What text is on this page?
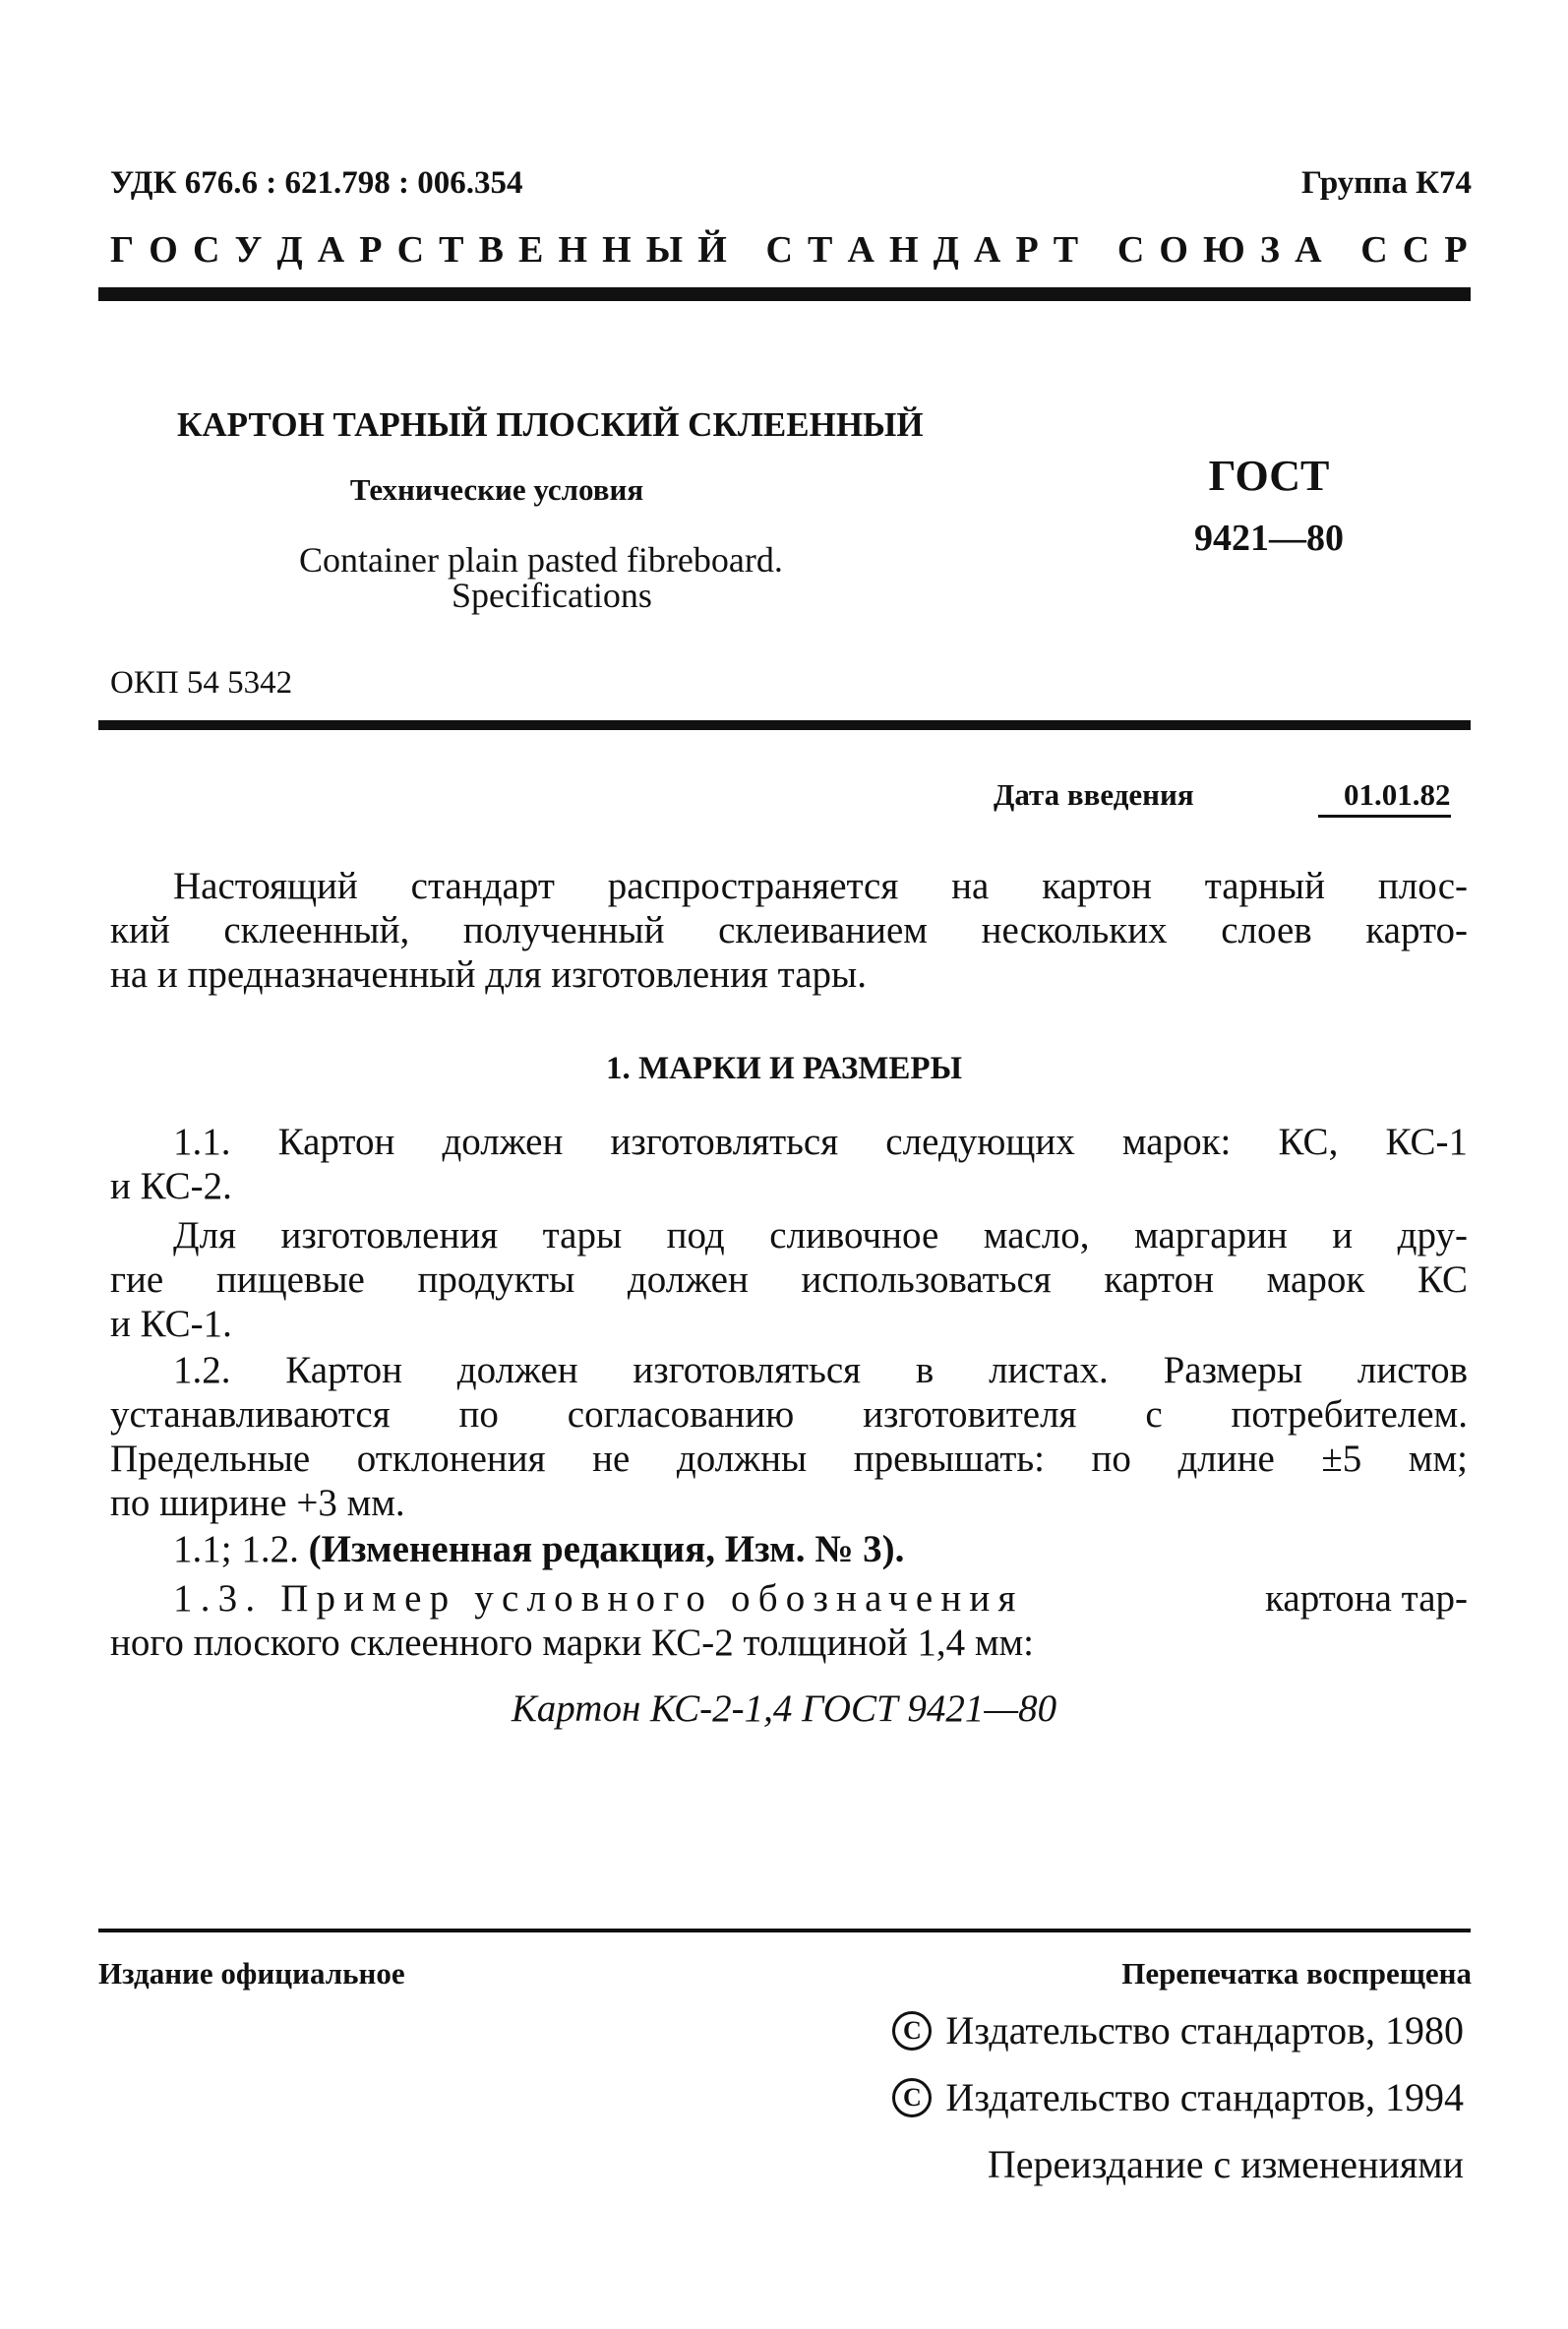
УДК 676.6 : 621.798 : 006.354	Группа К74
Г О С У Д А Р С Т В Е Н Н Ы Й
С Т А Н Д А Р Т
С О Ю З А
С С Р
КАРТОН ТАРНЫЙ ПЛОСКИЙ СКЛЕЕННЫЙ
Технические условия
Container plain pasted fibreboard.
Specifications
ГОСТ
9421—80
ОКП 54 5342
Дата введения	01.01.82
Настоящий стандарт распространяется на картон тарный плос-
кий склеенный, полученный склеиванием нескольких слоев карто-
на и предназначенный для изготовления тары.
1. МАРКИ И РАЗМЕРЫ
1.1. Картон должен изготовляться следующих марок: КС, КС-1
и КС-2.
Для изготовления тары под сливочное масло, маргарин и дру-
гие пищевые продукты должен использоваться картон марок КС
и КС-1.
1.2. Картон должен изготовляться в листах. Размеры листов
устанавливаются по согласованию изготовителя с потребителем.
Предельные отклонения не должны превышать: по длине ±5 мм;
по ширине +3 мм.
1.1; 1.2. (Измененная редакция, Изм. № 3).
1.3. Пример условного обозначения	картона тар-
ного плоского склеенного марки КС-2 толщиной 1,4 мм:
Картон КС-2-1,4 ГОСТ 9421—80
Издание официальное	Перепечатка воспрещена
C Издательство стандартов, 1980
C Издательство стандартов, 1994
Переиздание с изменениями
